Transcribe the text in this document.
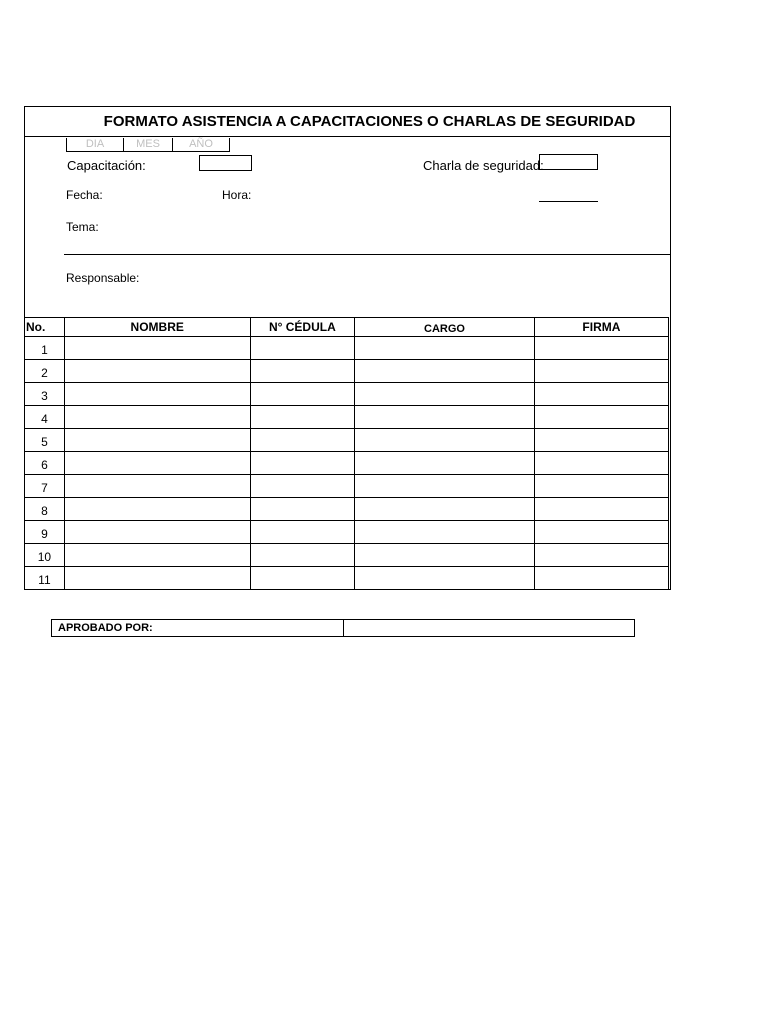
FORMATO ASISTENCIA A CAPACITACIONES O CHARLAS DE SEGURIDAD
DIA	MES	AÑO
Capacitación:	Charla de seguridad:
Fecha:	Hora:
Tema:
Responsable:
No.	NOMBRE	N° CÉDULA	CARGO	FIRMA
1				
2				
3				
4				
5				
6				
7				
8				
9				
10				
11				
APROBADO POR:	
